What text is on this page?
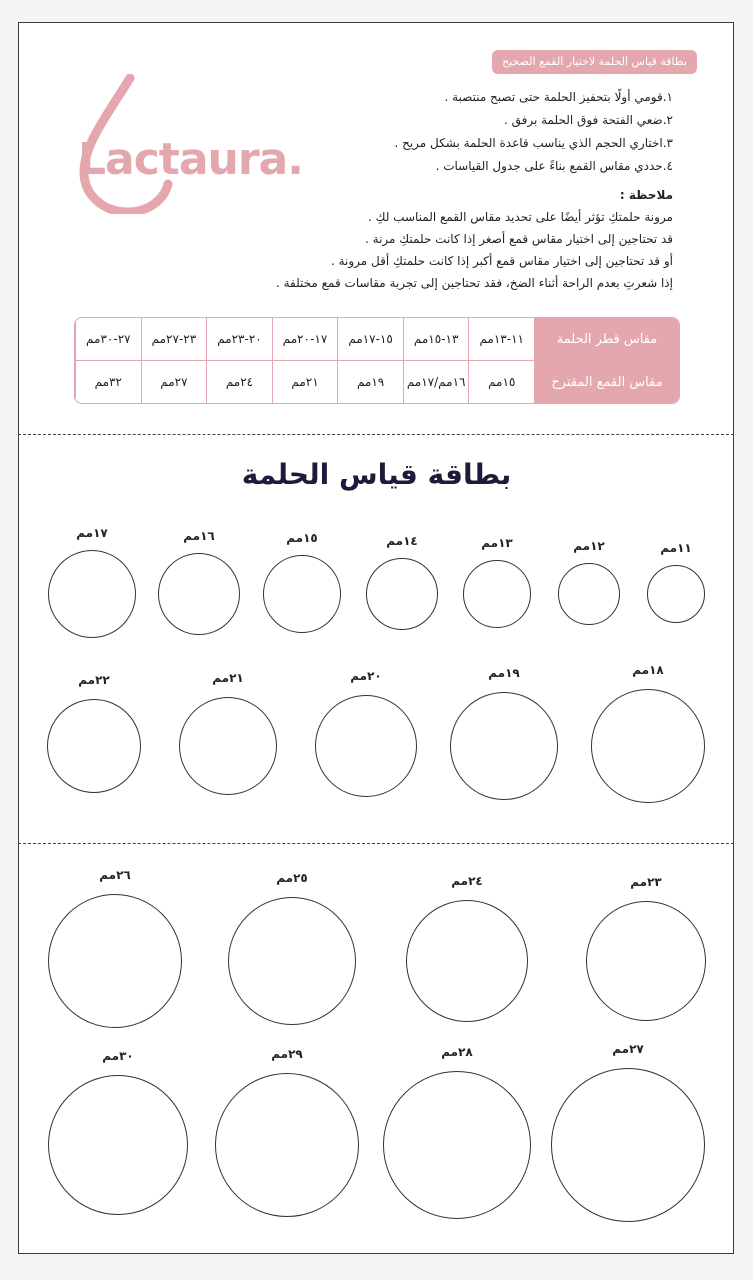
بطاقة قياس الحلمة لاختيار القمع الصحيح
Lactaura.
١.قومي أولًا بتحفيز الحلمة حتى تصبح منتصبة .
٢.ضعي الفتحة فوق الحلمة برفق .
٣.اختاري الحجم الذي يناسب قاعدة الحلمة بشكل مريح .
٤.حددي مقاس القمع بناءً على جدول القياسات .
ملاحظة :
مرونة حلمتكِ تؤثر أيضًا على تحديد مقاس القمع المناسب لكِ .
قد تحتاجين إلى اختيار مقاس قمع أصغر إذا كانت حلمتكِ مرنة .
أو قد تحتاجين إلى اختيار مقاس قمع أكبر إذا كانت حلمتكِ أقل مرونة .
إذا شعرتِ بعدم الراحة أثناء الضخ، فقد تحتاجين إلى تجربة مقاسات قمع مختلفة .
مقاس قطر الحلمة	١١-١٣مم	١٣-١٥مم	١٥-١٧مم	١٧-٢٠مم	٢٠-٢٣مم	٢٣-٢٧مم	٢٧-٣٠مم
مقاس القمع المقترح	١٥مم	١٦مم/١٧مم	١٩مم	٢١مم	٢٤مم	٢٧مم	٣٢مم
بطاقة قياس الحلمة
١١مم
١٢مم
١٣مم
١٤مم
١٥مم
١٦مم
١٧مم
١٨مم
١٩مم
٢٠مم
٢١مم
٢٢مم
٢٣مم
٢٤مم
٢٥مم
٢٦مم
٢٧مم
٢٨مم
٢٩مم
٣٠مم
